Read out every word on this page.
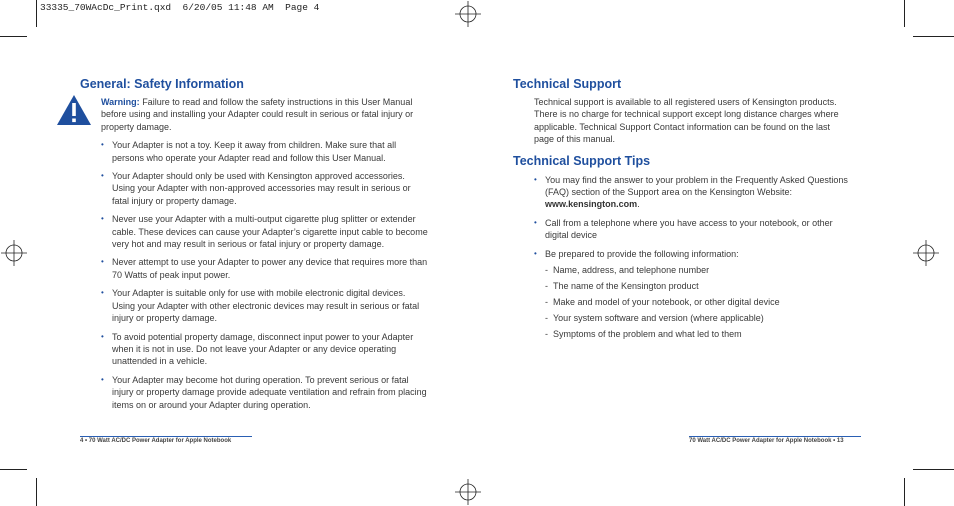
33335_70WAcDc_Print.qxd  6/20/05 11:48 AM  Page 4
General: Safety Information
Warning: Failure to read and follow the safety instructions in this User Manual before using and installing your Adapter could result in serious or fatal injury or property damage.
• Your Adapter is not a toy. Keep it away from children. Make sure that all persons who operate your Adapter read and follow this User Manual.
• Your Adapter should only be used with Kensington approved accessories. Using your Adapter with non-approved accessories may result in serious or fatal injury or property damage.
• Never use your Adapter with a multi-output cigarette plug splitter or extender cable. These devices can cause your Adapter’s cigarette input cable to become very hot and may result in serious or fatal injury or property damage.
• Never attempt to use your Adapter to power any device that requires more than 70 Watts of peak input power.
• Your Adapter is suitable only for use with mobile electronic digital devices. Using your Adapter with other electronic devices may result in serious or fatal injury or property damage.
• To avoid potential property damage, disconnect input power to your Adapter when it is not in use. Do not leave your Adapter or any device operating unattended in a vehicle.
• Your Adapter may become hot during operation. To prevent serious or fatal injury or property damage provide adequate ventilation and refrain from placing items on or around your Adapter during operation.
Technical Support
Technical support is available to all registered users of Kensington products. There is no charge for technical support except long distance charges where applicable. Technical Support Contact information can be found on the last page of this manual.
Technical Support Tips
• You may find the answer to your problem in the Frequently Asked Questions (FAQ) section of the Support area on the Kensington Website: www.kensington.com.
• Call from a telephone where you have access to your notebook, or other digital device
• Be prepared to provide the following information:
- Name, address, and telephone number
- The name of the Kensington product
- Make and model of your notebook, or other digital device
- Your system software and version (where applicable)
- Symptoms of the problem and what led to them
4 • 70 Watt AC/DC Power Adapter for Apple Notebook	70 Watt AC/DC Power Adapter for Apple Notebook • 13
